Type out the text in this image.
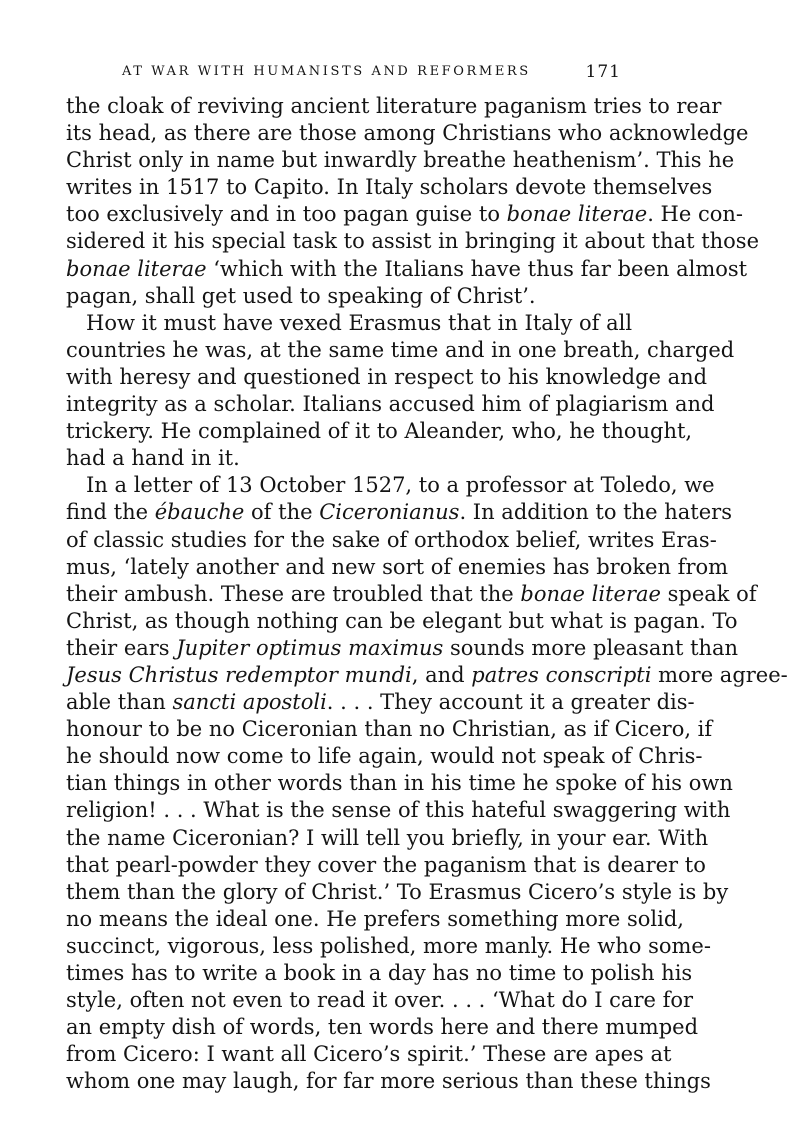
AT WAR WITH HUMANISTS AND REFORMERS	171
the cloak of reviving ancient literature paganism tries to rear
its head, as there are those among Christians who acknowledge
Christ only in name but inwardly breathe heathenism’. This he
writes in 1517 to Capito. In Italy scholars devote themselves
too exclusively and in too pagan guise to bonae literae. He con-
sidered it his special task to assist in bringing it about that those
bonae literae ‘which with the Italians have thus far been almost
pagan, shall get used to speaking of Christ’.
How it must have vexed Erasmus that in Italy of all
countries he was, at the same time and in one breath, charged
with heresy and questioned in respect to his knowledge and
integrity as a scholar. Italians accused him of plagiarism and
trickery. He complained of it to Aleander, who, he thought,
had a hand in it.
In a letter of 13 October 1527, to a professor at Toledo, we
find the ébauche of the Ciceronianus. In addition to the haters
of classic studies for the sake of orthodox belief, writes Eras-
mus, ‘lately another and new sort of enemies has broken from
their ambush. These are troubled that the bonae literae speak of
Christ, as though nothing can be elegant but what is pagan. To
their ears Jupiter optimus maximus sounds more pleasant than
Jesus Christus redemptor mundi, and patres conscripti more agree-
able than sancti apostoli. . . . They account it a greater dis-
honour to be no Ciceronian than no Christian, as if Cicero, if
he should now come to life again, would not speak of Chris-
tian things in other words than in his time he spoke of his own
religion! . . . What is the sense of this hateful swaggering with
the name Ciceronian? I will tell you briefly, in your ear. With
that pearl-powder they cover the paganism that is dearer to
them than the glory of Christ.’ To Erasmus Cicero’s style is by
no means the ideal one. He prefers something more solid,
succinct, vigorous, less polished, more manly. He who some-
times has to write a book in a day has no time to polish his
style, often not even to read it over. . . . ‘What do I care for
an empty dish of words, ten words here and there mumped
from Cicero: I want all Cicero’s spirit.’ These are apes at
whom one may laugh, for far more serious than these things
